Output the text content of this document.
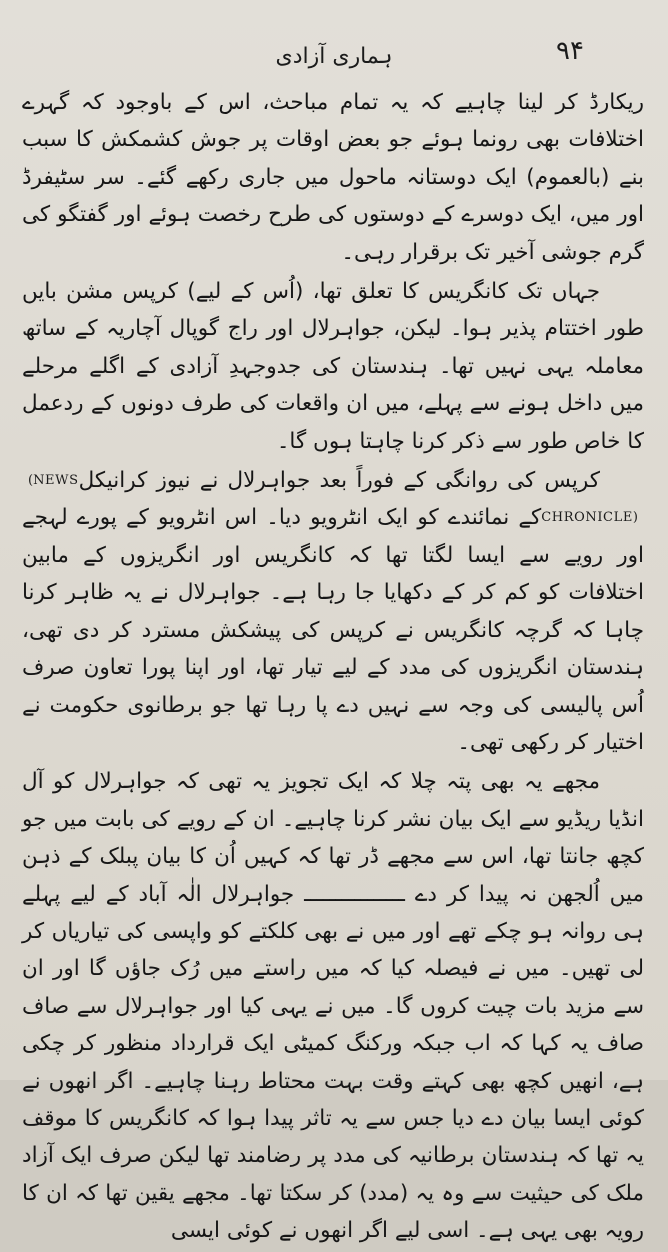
۹۴
ہماری آزادی

ریکارڈ کر لینا چاہیے کہ یہ تمام مباحث، اس کے باوجود کہ گہرے اختلافات بھی رونما ہوئے جو بعض اوقات پر جوش کشمکش کا سبب بنے (بالعموم) ایک دوستانہ ماحول میں جاری رکھے گئے۔ سر سٹیفرڈ اور میں، ایک دوسرے کے دوستوں کی طرح رخصت ہوئے اور گفتگو کی گرم جوشی آخیر تک برقرار رہی۔

جہاں تک کانگریس کا تعلق تھا، (اُس کے لیے) کرپس مشن بایں طور اختتام پذیر ہوا۔ لیکن، جواہرلال اور راج گوپال آچاریہ کے ساتھ معاملہ یہی نہیں تھا۔ ہندستان کی جدوجہدِ آزادی کے اگلے مرحلے میں داخل ہونے سے پہلے، میں ان واقعات کی طرف دونوں کے ردعمل کا خاص طور سے ذکر کرنا چاہتا ہوں گا۔

کرپس کی روانگی کے فوراً بعد جواہرلال نے نیوز کرانیکل(NEWS CHRONICLE)کے نمائندے کو ایک انٹرویو دیا۔ اس انٹرویو کے پورے لہجے اور رویے سے ایسا لگتا تھا کہ کانگریس اور انگریزوں کے مابین اختلافات کو کم کر کے دکھایا جا رہا ہے۔ جواہرلال نے یہ ظاہر کرنا چاہا کہ گرچہ کانگریس نے کرپس کی پیشکش مسترد کر دی تھی، ہندستان انگریزوں کی مدد کے لیے تیار تھا، اور اپنا پورا تعاون صرف اُس پالیسی کی وجہ سے نہیں دے پا رہا تھا جو برطانوی حکومت نے اختیار کر رکھی تھی۔

مجھے یہ بھی پتہ چلا کہ ایک تجویز یہ تھی کہ جواہرلال کو آل انڈیا ریڈیو سے ایک بیان نشر کرنا چاہیے۔ ان کے رویے کی بابت میں جو کچھ جانتا تھا، اس سے مجھے ڈر تھا کہ کہیں اُن کا بیان پبلک کے ذہن میں اُلجھن نہ پیدا کر دے ــــــــــــــــ جواہرلال الٰہ آباد کے لیے پہلے ہی روانہ ہو چکے تھے اور میں نے بھی کلکتے کو واپسی کی تیاریاں کر لی تھیں۔ میں نے فیصلہ کیا کہ میں راستے میں رُک جاؤں گا اور ان سے مزید بات چیت کروں گا۔ میں نے یہی کیا اور جواہرلال سے صاف صاف یہ کہا کہ اب جبکہ ورکنگ کمیٹی ایک قرارداد منظور کر چکی ہے، انھیں کچھ بھی کہتے وقت بہت محتاط رہنا چاہیے۔ اگر انھوں نے کوئی ایسا بیان دے دیا جس سے یہ تاثر پیدا ہوا کہ کانگریس کا موقف یہ تھا کہ ہندستان برطانیہ کی مدد پر رضامند تھا لیکن صرف ایک آزاد ملک کی حیثیت سے وہ یہ (مدد) کر سکتا تھا۔ مجھے یقین تھا کہ ان کا رویہ بھی یہی ہے۔ اسی لیے اگر انھوں نے کوئی ایسی
